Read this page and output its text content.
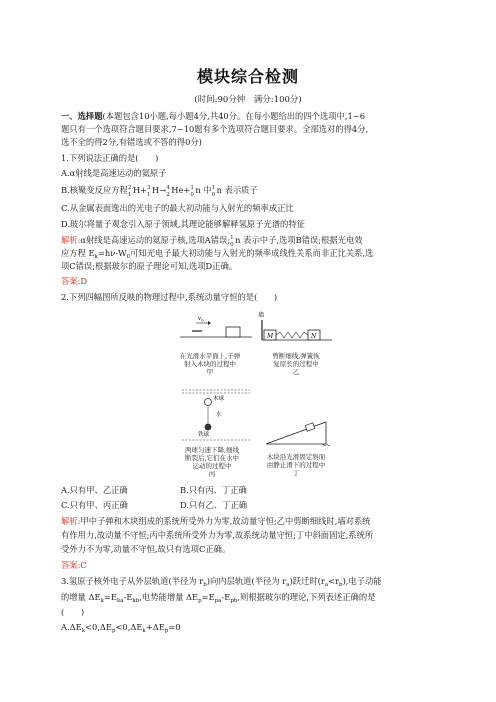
模块综合检测
(时间:90分钟　满分:100分)
一、选择题(本题包含10小题,每小题4分,共40分。在每小题给出的四个选项中,1~6
题只有一个选项符合题目要求,7~10题有多个选项符合题目要求。全部选对的得4分,
选不全的得2分,有错选或不答的得0分)
1.下列说法正确的是(　　)
A.α射线是高速运动的氦原子
B.核聚变反应方程 2
1 H+ 3
1 H→ 4
2 He+ 1
0 n 中 1
0 n 表示质子
C.从金属表面逸出的光电子的最大初动能与入射光的频率成正比
D.玻尔将量子观念引入原子领域,其理论能够解释氢原子光谱的特征
解析:α射线是高速运动的氦原子核,选项A错误; 1
0 n 表示中子,选项B错误;根据光电效
应方程 $E_k=h\nu-W_0$可知光电子最大初动能与入射光的频率成线性关系而非正比关系,选
项C错误;根据玻尔的原子理论可知,选项D正确。
答案:D
2.下列四幅图所反映的物理过程中,系统动量守恒的是(　　)
$v_0$
在光滑水平面上,子弹
射入木块的过程中
甲
墙
M	N
剪断细线,弹簧恢
复原长的过程中
乙
木球
水
铁球
两球匀速下降,细线
断裂后,它们在水中
运动的过程中
丙
木块沿光滑固定斜面
由静止滑下的过程中
丁
A.只有甲、乙正确	B.只有丙、丁正确
C.只有甲、丙正确	D.只有乙、丁正确
解析:甲中子弹和木块组成的系统所受外力为零,故动量守恒;乙中剪断细线时,墙对系统
有作用力,故动量不守恒;丙中系统所受外力为零,故系统动量守恒;丁中斜面固定,系统所
受外力不为零,动量不守恒,故只有选项C正确。
答案:C
3.氢原子核外电子从外层轨道(半径为 $r_b$)向内层轨道(半径为 $r_a$)跃迁时$(r_a<r_b)$,电子动能
的增量 $\Delta E_k=E_{ka}-E_{kb}$,电势能增量 $\Delta E_p=E_{pa}-E_{pb}$,则根据玻尔的理论,下列表述正确的是
(　　)
$A.\Delta E_k<0,\Delta E_p<0,\Delta E_k+\Delta E_p=0$
